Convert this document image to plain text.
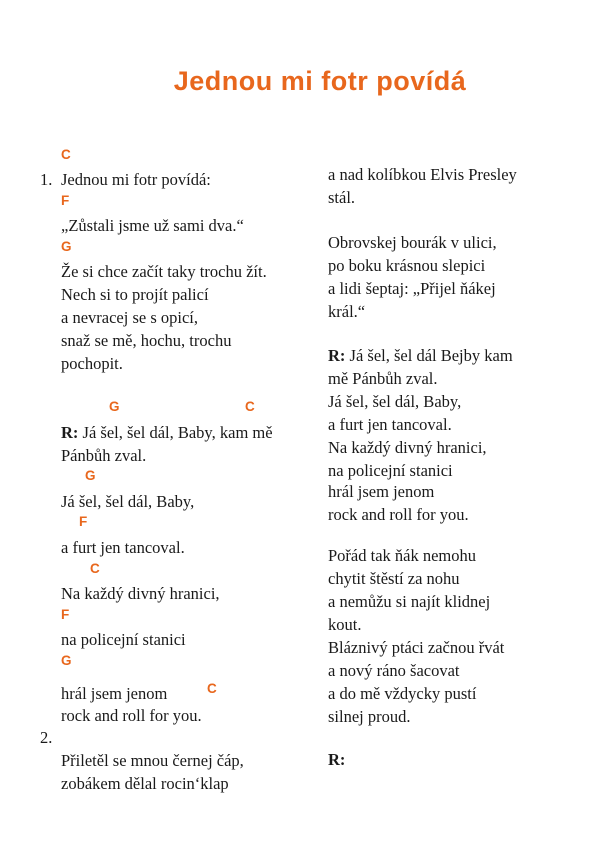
Jednou mi fotr povídá
1.
C
Jednou mi fotr povídá:
F
„Zůstali jsme už sami dva.“
G
Že si chce začít taky trochu žít.
Nech si to projít palicí
a nevracej se s opicí,
snaž se mě, hochu, trochu
pochopit.
G	C
R: Já šel, šel dál, Baby, kam mě
Pánbůh zval.
G
Já šel, šel dál, Baby,
F
a furt jen tancoval.
C
Na každý divný hranici,
F
na policejní stanici
G
hrál jsem jenom	C
rock and roll for you.
2.
Přiletěl se mnou černej čáp,
zobákem dělal rocin‘klap
a nad kolíbkou Elvis Presley
stál.
Obrovskej bourák v ulici,
po boku krásnou slepici
a lidi šeptaj: „Přijel ňákej
král.“
R: Já šel, šel dál Bejby kam
mě Pánbůh zval.
Já šel, šel dál, Baby,
a furt jen tancoval.
Na každý divný hranici,
na policejní stanici
hrál jsem jenom
rock and roll for you.
Pořád tak ňák nemohu
chytit štěstí za nohu
a nemůžu si najít klidnej
kout.
Bláznivý ptáci začnou řvát
a nový ráno šacovat
a do mě vždycky pustí
silnej proud.
R:
